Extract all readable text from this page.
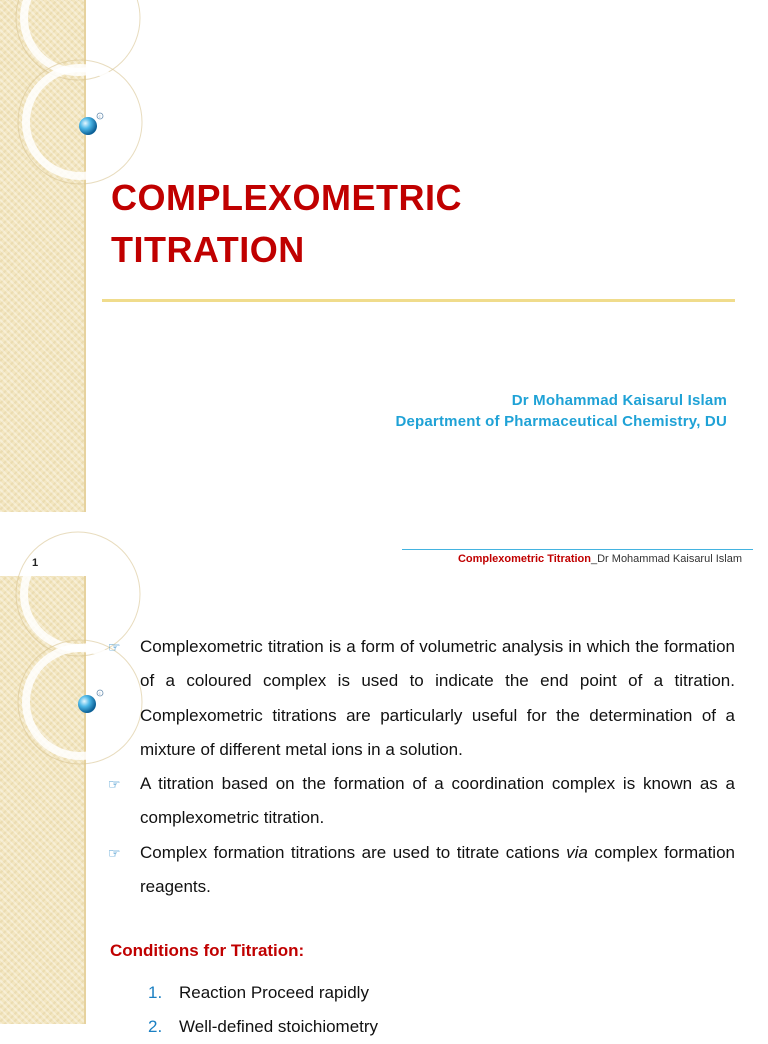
c
COMPLEXOMETRIC
TITRATION
Dr Mohammad Kaisarul Islam
Department of Pharmaceutical Chemistry, DU
Complexometric Titration_Dr Mohammad Kaisarul Islam
c
☞ Complexometric titration is a form of volumetric analysis in which the formation of a coloured complex is used to indicate the end point of a titration. Complexometric titrations are particularly useful for the determination of a mixture of different metal ions in a solution.
☞ A titration based on the formation of a coordination complex is known as a complexometric titration.
☞ Complex formation titrations are used to titrate cations via complex formation reagents.
Conditions for Titration:
1. Reaction Proceed rapidly
2. Well-defined stoichiometry
1
